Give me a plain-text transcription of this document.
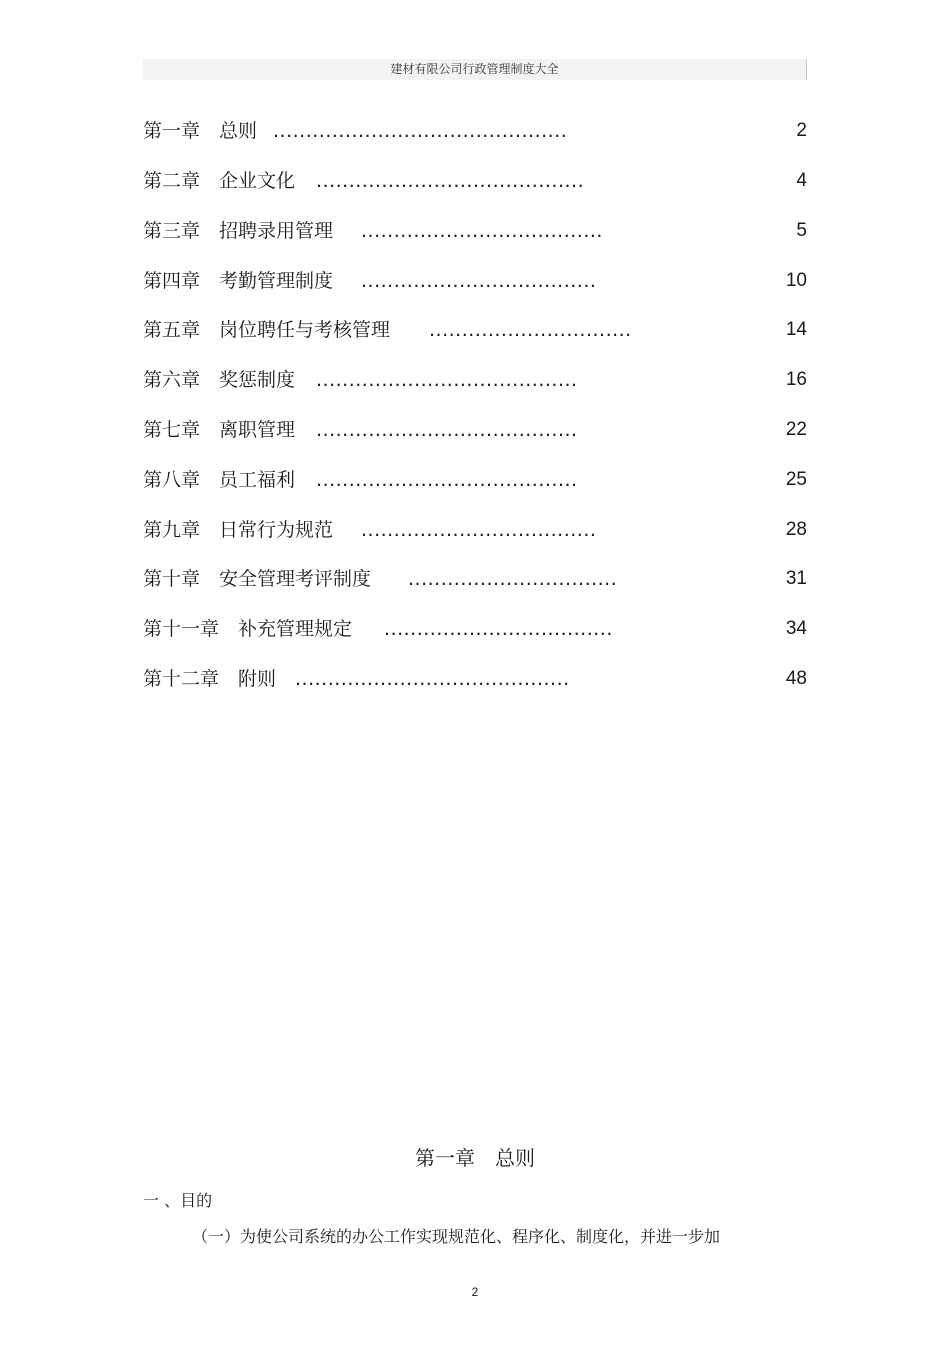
建材有限公司行政管理制度大全
第一章　总则 .............................................	2
第二章　企业文化 .........................................	4
第三章　招聘录用管理 .....................................	5
第四章　考勤管理制度 ....................................	10
第五章　岗位聘任与考核管理 ...............................	14
第六章　奖惩制度 ........................................	16
第七章　离职管理 ........................................	22
第八章　员工福利 ........................................	25
第九章　日常行为规范 ....................................	28
第十章　安全管理考评制度 ................................	31
第十一章　补充管理规定 ...................................	34
第十二章　附则 ..........................................	48
第一章　总则
一 、目的
（一）为使公司系统的办公工作实现规范化、程序化、制度化，并进一步加
2
